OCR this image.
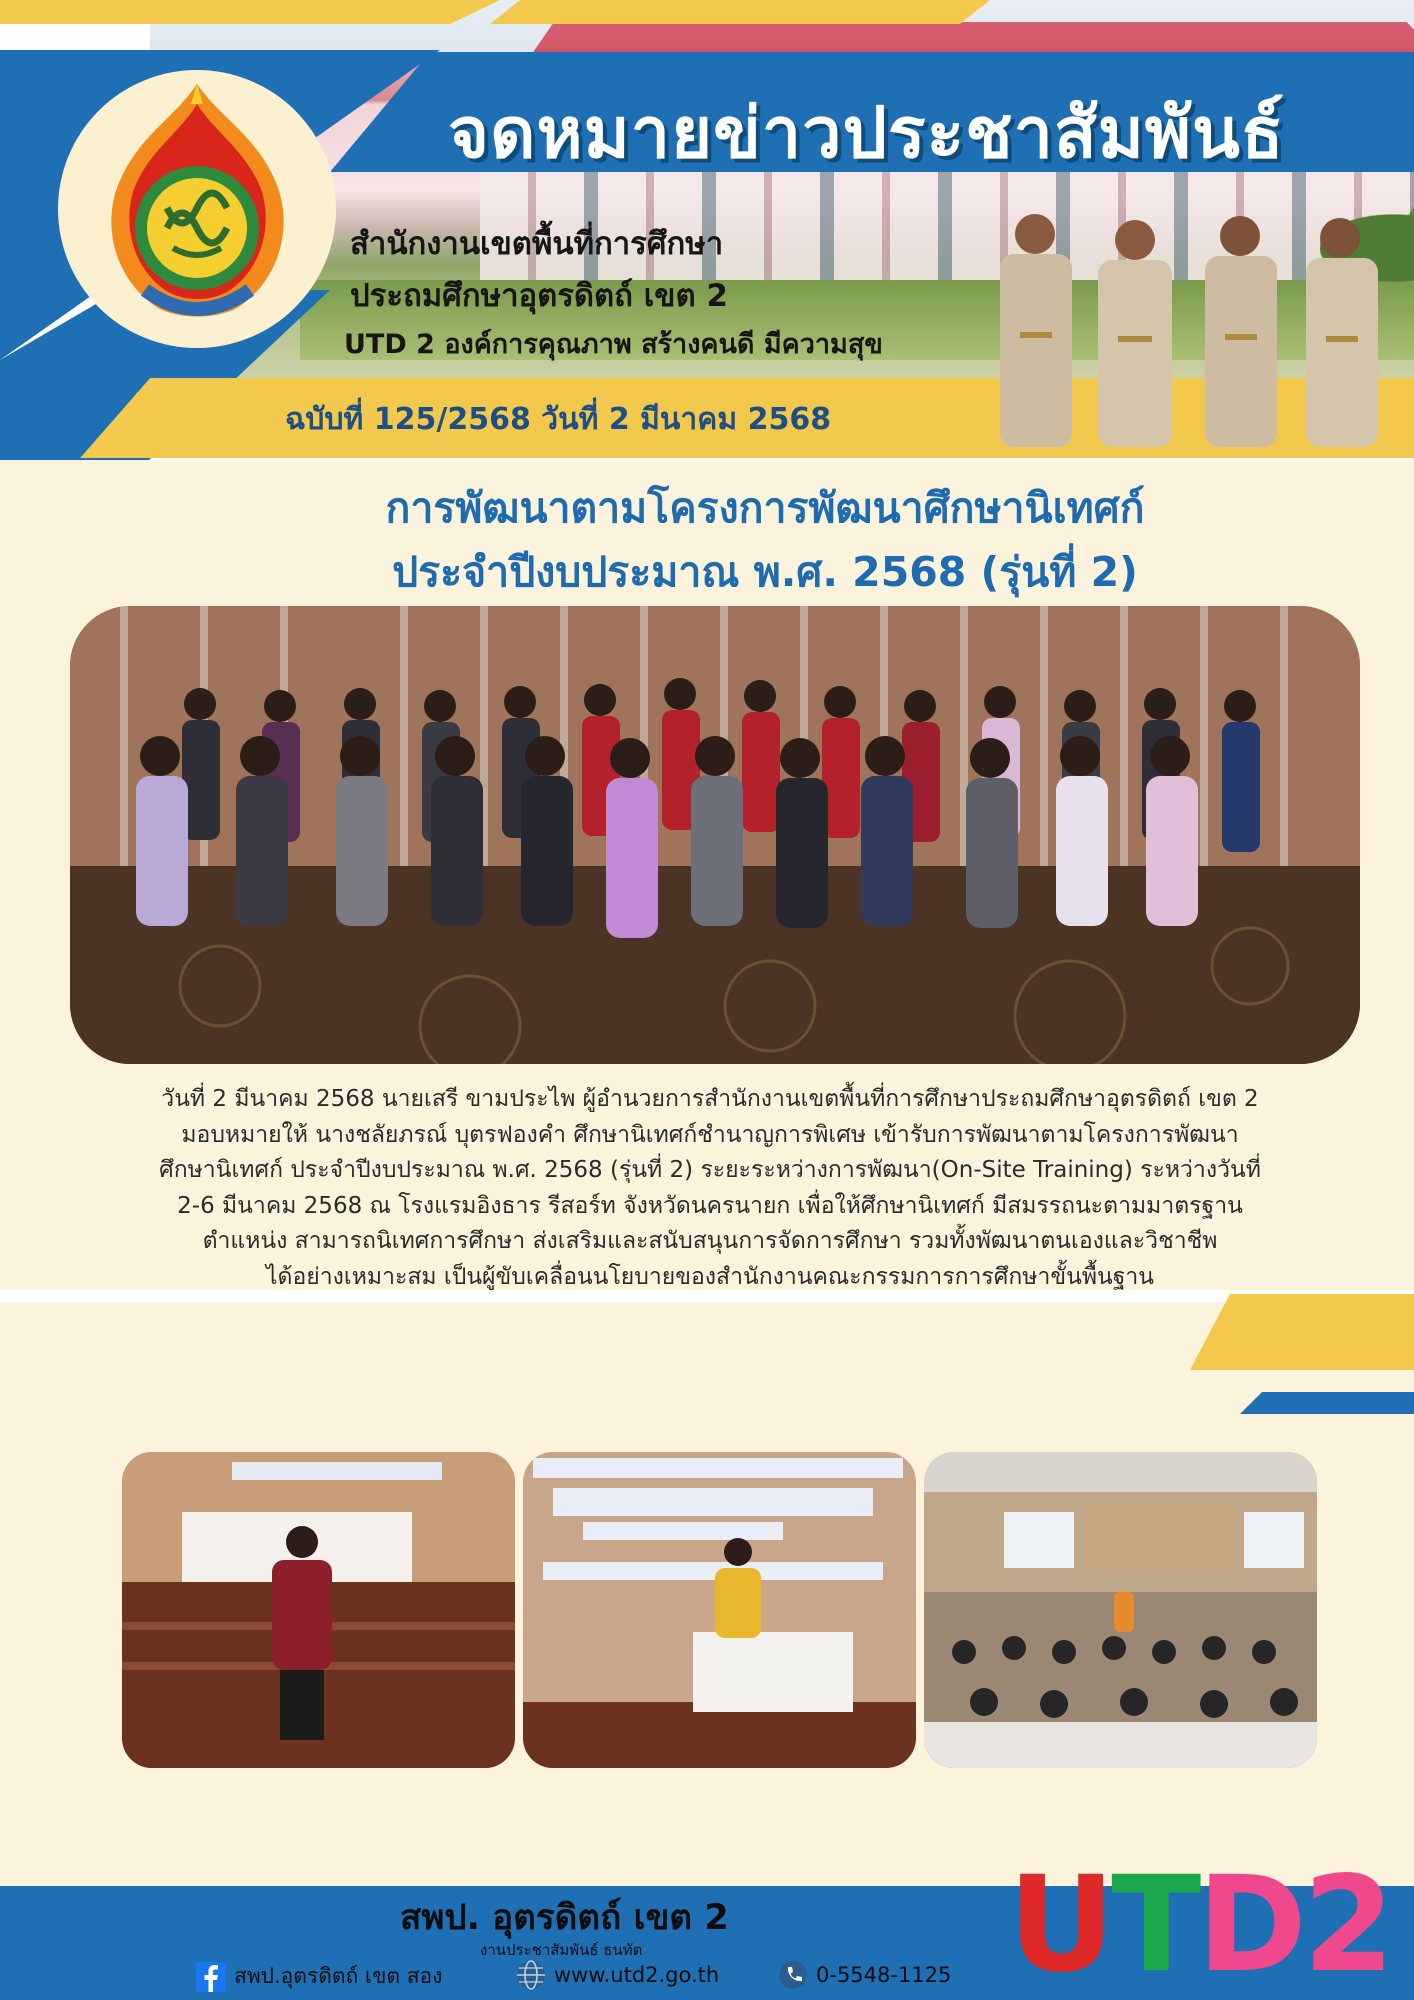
จดหมายข่าวประชาสัมพันธ์
สำนักงานเขตพื้นที่การศึกษา
ประถมศึกษาอุตรดิตถ์ เขต 2
UTD 2 องค์การคุณภาพ สร้างคนดี มีความสุข
ฉบับที่ 125/2568 วันที่ 2 มีนาคม 2568
การพัฒนาตามโครงการพัฒนาศึกษานิเทศก์
ประจำปีงบประมาณ พ.ศ. 2568 (รุ่นที่ 2)

วันที่ 2 มีนาคม 2568 นายเสรี ขามประไพ ผู้อำนวยการสำนักงานเขตพื้นที่การศึกษาประถมศึกษาอุตรดิตถ์ เขต 2
มอบหมายให้ นางชลัยภรณ์ บุตรฟองคำ ศึกษานิเทศก์ชำนาญการพิเศษ เข้ารับการพัฒนาตามโครงการพัฒนา
ศึกษานิเทศก์ ประจำปีงบประมาณ พ.ศ. 2568 (รุ่นที่ 2) ระยะระหว่างการพัฒนา(On-Site Training) ระหว่างวันที่
2-6 มีนาคม 2568 ณ โรงแรมอิงธาร รีสอร์ท จังหวัดนครนายก เพื่อให้ศึกษานิเทศก์ มีสมรรถนะตามมาตรฐาน
ตำแหน่ง สามารถนิเทศการศึกษา ส่งเสริมและสนับสนุนการจัดการศึกษา รวมทั้งพัฒนาตนเองและวิชาชีพ
ได้อย่างเหมาะสม เป็นผู้ขับเคลื่อนนโยบายของสำนักงานคณะกรรมการการศึกษาขั้นพื้นฐาน

สพป. อุตรดิตถ์ เขต 2
งานประชาสัมพันธ์ ธนทัต
สพป.อุตรดิตถ์ เขต สอง	www.utd2.go.th	0-5548-1125 UTD2
